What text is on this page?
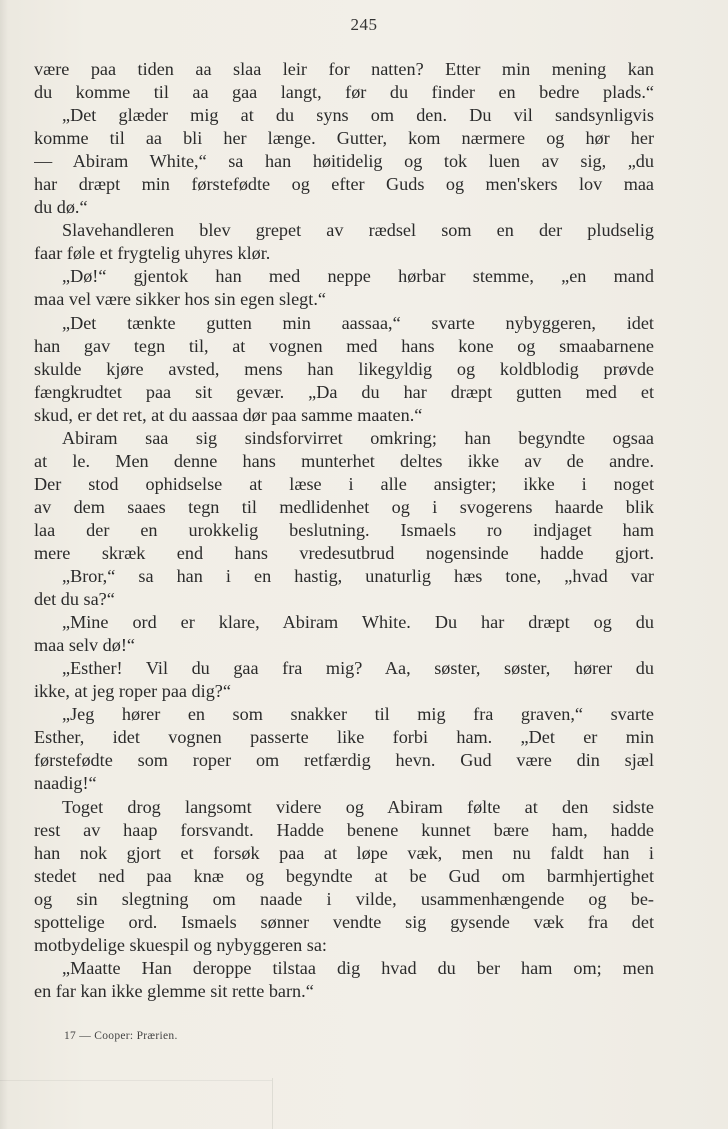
245
være paa tiden aa slaa leir for natten? Etter min mening kan
du komme til aa gaa langt, før du finder en bedre plads.“
„Det glæder mig at du syns om den. Du vil sandsynligvis
komme til aa bli her længe. Gutter, kom nærmere og hør her
— Abiram White,“ sa han høitidelig og tok luen av sig, „du
har dræpt min førstefødte og efter Guds og men'skers lov maa
du dø.“
Slavehandleren blev grepet av rædsel som en der pludselig
faar føle et frygtelig uhyres klør.
„Dø!“ gjentok han med neppe hørbar stemme, „en mand
maa vel være sikker hos sin egen slegt.“
„Det tænkte gutten min aassaa,“ svarte nybyggeren, idet
han gav tegn til, at vognen med hans kone og smaabarnene
skulde kjøre avsted, mens han likegyldig og koldblodig prøvde
fængkrudtet paa sit gevær. „Da du har dræpt gutten med et
skud, er det ret, at du aassaa dør paa samme maaten.“
Abiram saa sig sindsforvirret omkring; han begyndte ogsaa
at le. Men denne hans munterhet deltes ikke av de andre.
Der stod ophidselse at læse i alle ansigter; ikke i noget
av dem saaes tegn til medlidenhet og i svogerens haarde blik
laa der en urokkelig beslutning. Ismaels ro indjaget ham
mere skræk end hans vredesutbrud nogensinde hadde gjort.
„Bror,“ sa han i en hastig, unaturlig hæs tone, „hvad var
det du sa?“
„Mine ord er klare, Abiram White. Du har dræpt og du
maa selv dø!“
„Esther! Vil du gaa fra mig? Aa, søster, søster, hører du
ikke, at jeg roper paa dig?“
„Jeg hører en som snakker til mig fra graven,“ svarte
Esther, idet vognen passerte like forbi ham. „Det er min
førstefødte som roper om retfærdig hevn. Gud være din sjæl
naadig!“
Toget drog langsomt videre og Abiram følte at den sidste
rest av haap forsvandt. Hadde benene kunnet bære ham, hadde
han nok gjort et forsøk paa at løpe væk, men nu faldt han i
stedet ned paa knæ og begyndte at be Gud om barmhjertighet
og sin slegtning om naade i vilde, usammenhængende og be-
spottelige ord. Ismaels sønner vendte sig gysende væk fra det
motbydelige skuespil og nybyggeren sa:
„Maatte Han deroppe tilstaa dig hvad du ber ham om; men
en far kan ikke glemme sit rette barn.“
17 — Cooper: Prærien.
